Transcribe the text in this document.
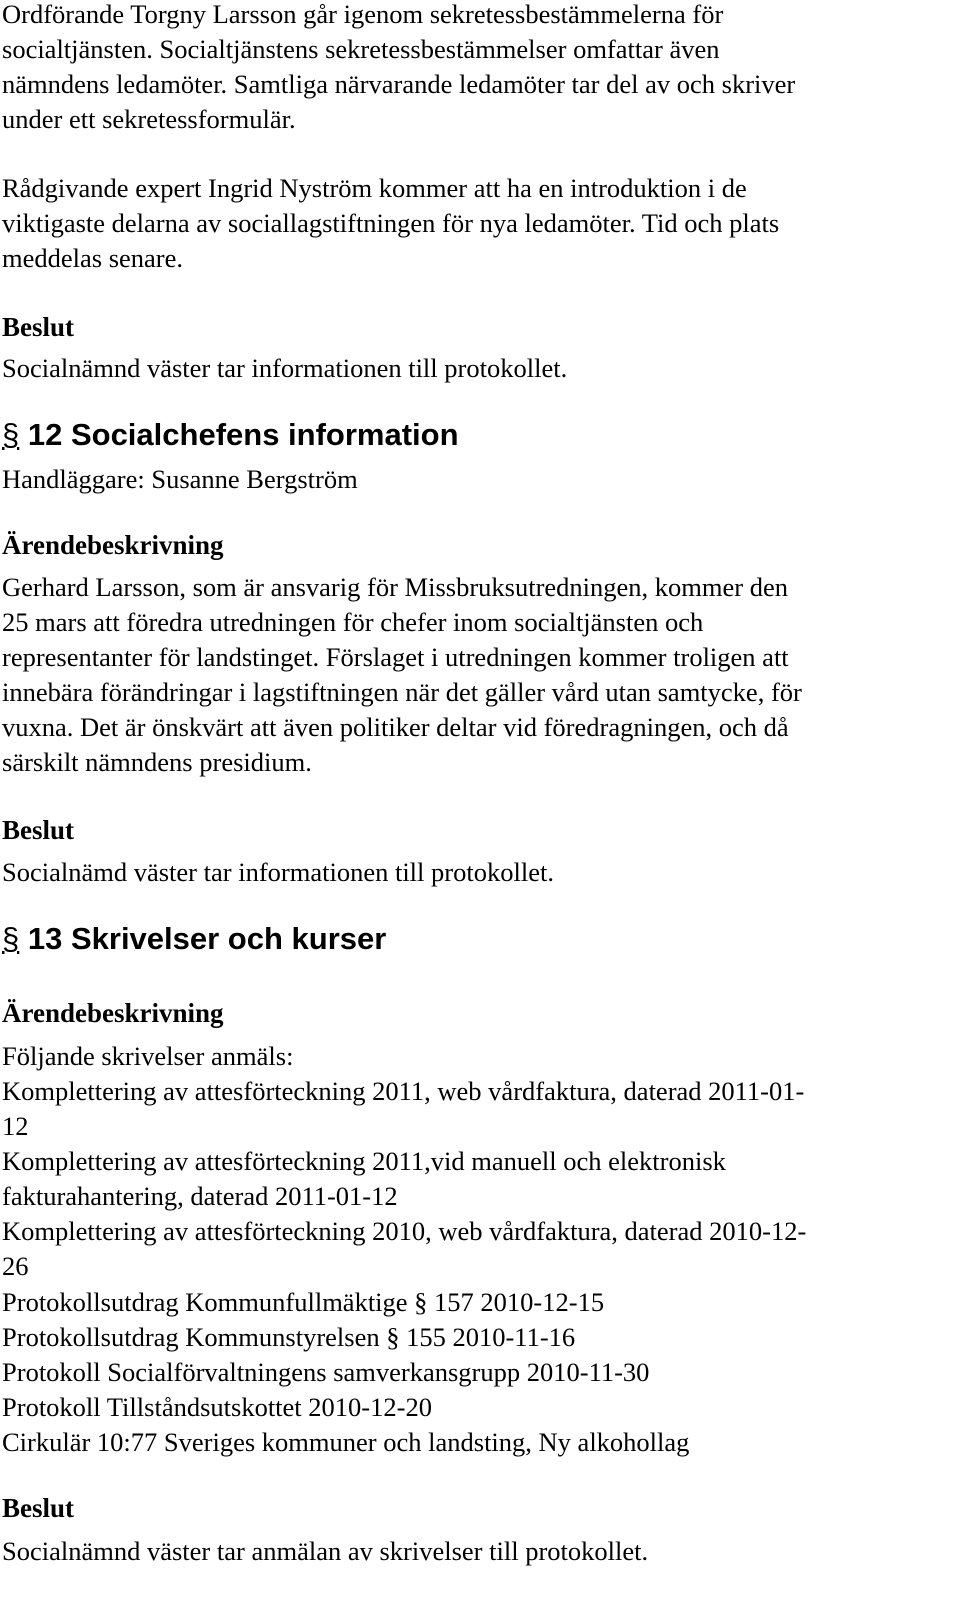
Ordförande Torgny Larsson går igenom sekretessbestämmelerna för
socialtjänsten. Socialtjänstens sekretessbestämmelser omfattar även
nämndens ledamöter. Samtliga närvarande ledamöter tar del av och skriver
under ett sekretessformulär.
Rådgivande expert Ingrid Nyström kommer att ha en introduktion i de
viktigaste delarna av sociallagstiftningen för nya ledamöter. Tid och plats
meddelas senare.
Beslut
Socialnämnd väster tar informationen till protokollet.
§ 12 Socialchefens information
Handläggare: Susanne Bergström
Ärendebeskrivning
Gerhard Larsson, som är ansvarig för Missbruksutredningen, kommer den
25 mars att föredra utredningen för chefer inom socialtjänsten och
representanter för landstinget. Förslaget i utredningen kommer troligen att
innebära förändringar i lagstiftningen när det gäller vård utan samtycke, för
vuxna. Det är önskvärt att även politiker deltar vid föredragningen, och då
särskilt nämndens presidium.
Beslut
Socialnämd väster tar informationen till protokollet.
§ 13 Skrivelser och kurser
Ärendebeskrivning
Följande skrivelser anmäls:
Komplettering av attesförteckning 2011, web vårdfaktura, daterad 2011-01-
12
Komplettering av attesförteckning 2011,vid manuell och elektronisk
fakturahantering, daterad 2011-01-12
Komplettering av attesförteckning 2010, web vårdfaktura, daterad 2010-12-
26
Protokollsutdrag Kommunfullmäktige § 157 2010-12-15
Protokollsutdrag Kommunstyrelsen § 155 2010-11-16
Protokoll Socialförvaltningens samverkansgrupp 2010-11-30
Protokoll Tillståndsutskottet 2010-12-20
Cirkulär 10:77 Sveriges kommuner och landsting, Ny alkohollag
Beslut
Socialnämnd väster tar anmälan av skrivelser till protokollet.
